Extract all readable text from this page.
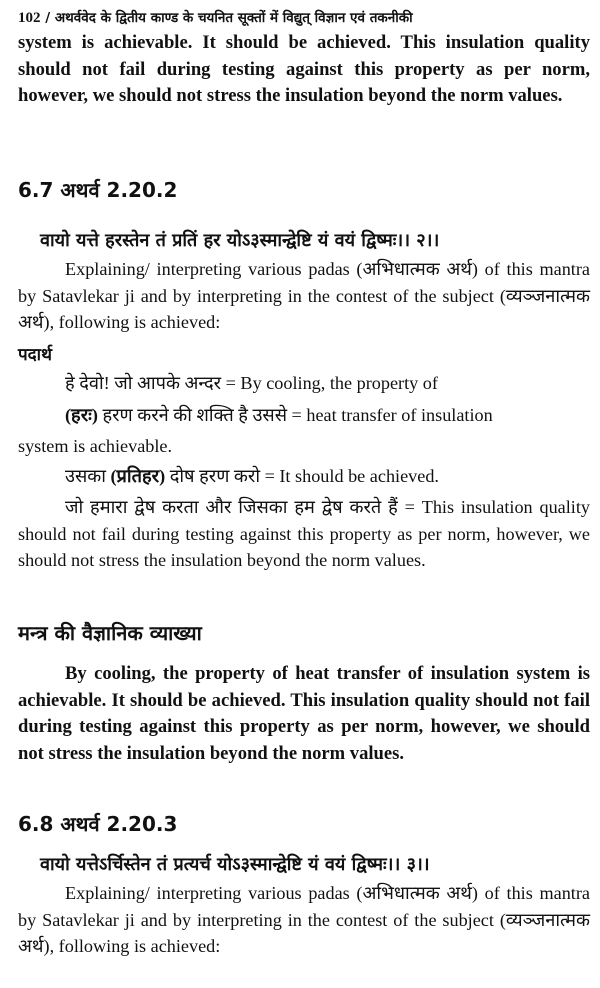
102 / अथर्ववेद के द्वितीय काण्ड के चयनित सूक्तों में विद्युत् विज्ञान एवं तकनीकी
system is achievable. It should be achieved. This insulation quality should not fail during testing against this property as per norm, however, we should not stress the insulation beyond the norm values.
6.7 अथर्व 2.20.2
वायो यत्ते हरस्तेन तं प्रतिं हर योऽ३स्मान्द्वेष्टि यं वयं द्विष्मः।। २।।
Explaining/ interpreting various padas (अभिधात्मक अर्थ) of this mantra by Satavlekar ji and by interpreting in the contest of the subject (व्यञ्जनात्मक अर्थ), following is achieved:
पदार्थ
हे देवो! जो आपके अन्दर = By cooling, the property of
(हरः) हरण करने की शक्ति है उससे = heat transfer of insulation
system is achievable.
उसका (प्रतिहर) दोष हरण करो = It should be achieved.
जो हमारा द्वेष करता और जिसका हम द्वेष करते हैं = This insulation quality should not fail during testing against this property as per norm, however, we should not stress the insulation beyond the norm values.
मन्त्र की वैज्ञानिक व्याख्या
By cooling, the property of heat transfer of insulation system is achievable. It should be achieved. This insulation quality should not fail during testing against this property as per norm, however, we should not stress the insulation beyond the norm values.
6.8 अथर्व 2.20.3
वायो यत्तेऽर्चिस्तेन तं प्रत्यर्च योऽ३स्मान्द्वेष्टि यं वयं द्विष्मः।। ३।।
Explaining/ interpreting various padas (अभिधात्मक अर्थ) of this mantra by Satavlekar ji and by interpreting in the contest of the subject (व्यञ्जनात्मक अर्थ), following is achieved:
